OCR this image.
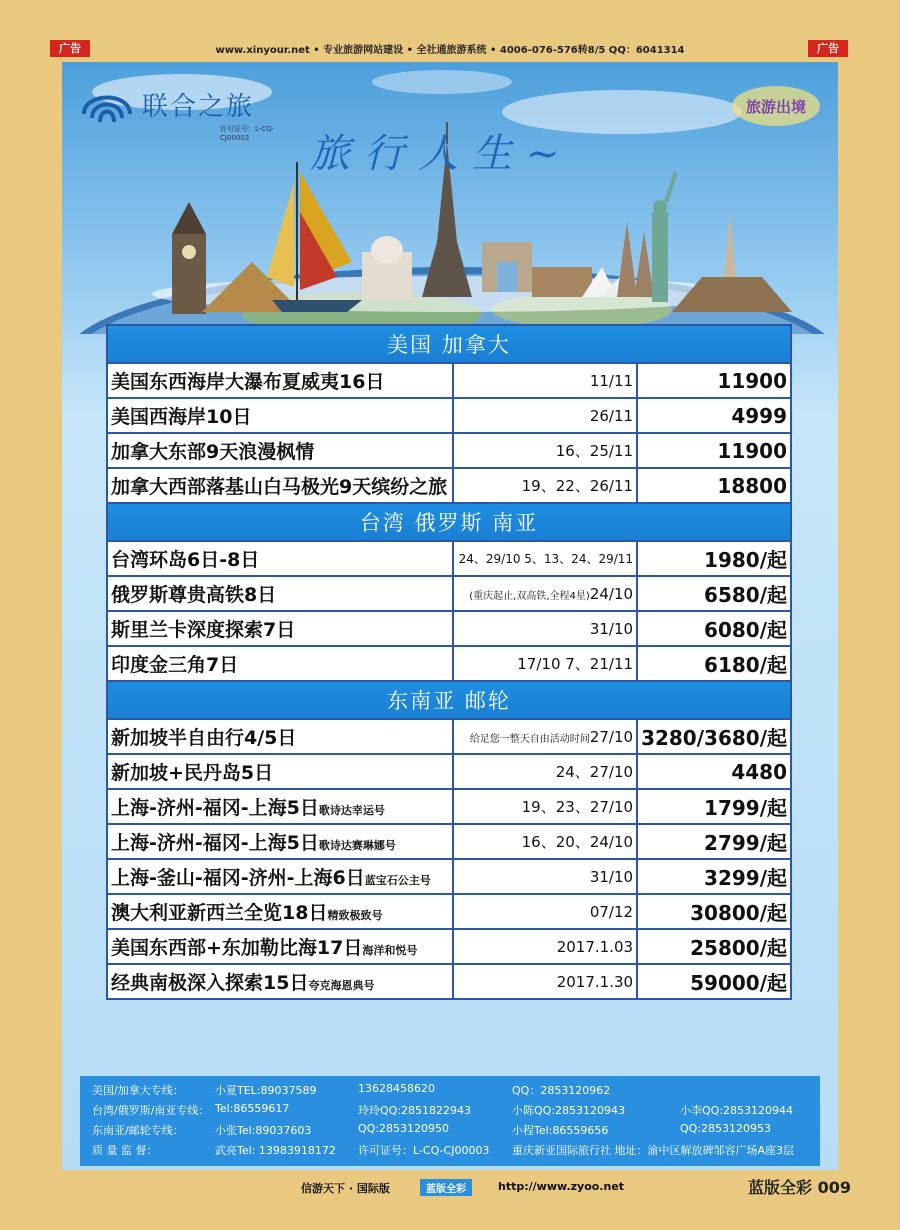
广告	www.xinyour.net • 专业旅游网站建设 • 全社通旅游系统 • 4006-076-576转8/5 QQ：6041314	广告
联合之旅
许可证号：L-CQ-CJ00003	旅行人生~
旅游出境
美国 加拿大		
美国东西海岸大瀑布夏威夷16日	11/11	11900
美国西海岸10日	26/11	4999
加拿大东部9天浪漫枫情	16、25/11	11900
加拿大西部落基山白马极光9天缤纷之旅	19、22、26/11	18800
台湾 俄罗斯 南亚		
台湾环岛6日-8日	24、29/10 5、13、24、29/11	1980/起
俄罗斯尊贵高铁8日	(重庆起止,双高铁,全程4星)24/10	6580/起
斯里兰卡深度探索7日	31/10	6080/起
印度金三角7日	17/10 7、21/11	6180/起
东南亚 邮轮		
新加坡半自由行4/5日	给足您一整天自由活动时间27/10	3280/3680/起
新加坡+民丹岛5日	24、27/10	4480
上海-济州-福冈-上海5日歌诗达幸运号	19、23、27/10	1799/起
上海-济州-福冈-上海5日歌诗达赛琳娜号	16、20、24/10	2799/起
上海-釜山-福冈-济州-上海6日蓝宝石公主号	31/10	3299/起
澳大利亚新西兰全览18日精致极致号	07/12	30800/起
美国东西部+东加勒比海17日海洋和悦号	2017.1.03	25800/起
经典南极深入探索15日夸克海恩典号	2017.1.30	59000/起
美国/加拿大专线：	小夏TEL:89037589	13628458620	QQ：2853120962
台湾/俄罗斯/南亚专线： Tel:86559617	玲玲QQ:2851822943	小陈QQ:2853120943	小李QQ:2853120944
东南亚/邮轮专线：	小张Tel:89037603	QQ:2853120950	小程Tel:86559656	QQ:2853120953
质 量 监 督：	武亮Tel: 13983918172 许可证号：L-CQ-CJ00003 重庆新亚国际旅行社 地址：渝中区解放碑邹容广场A座3层
信游天下 · 国际版	蓝版全彩	http://www.zyoo.net	蓝版全彩 009
